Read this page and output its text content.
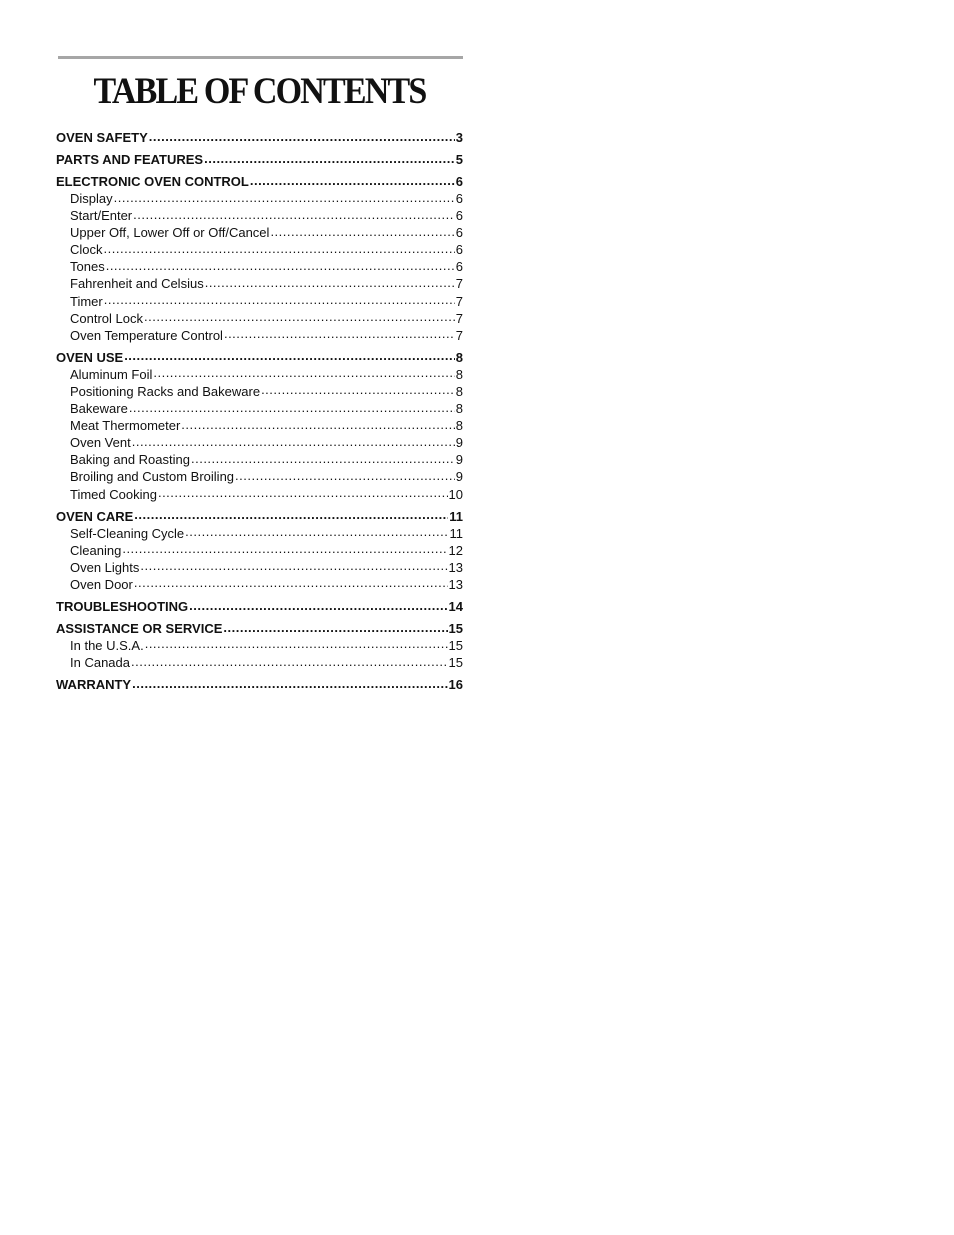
TABLE OF CONTENTS
OVEN SAFETY .....	3
PARTS AND FEATURES .....	5
ELECTRONIC OVEN CONTROL .....	6
Display .....	6
Start/Enter .....	6
Upper Off, Lower Off or Off/Cancel .....	6
Clock .....	6
Tones .....	6
Fahrenheit and Celsius .....	7
Timer .....	7
Control Lock .....	7
Oven Temperature Control .....	7
OVEN USE .....	8
Aluminum Foil .....	8
Positioning Racks and Bakeware .....	8
Bakeware .....	8
Meat Thermometer .....	8
Oven Vent .....	9
Baking and Roasting .....	9
Broiling and Custom Broiling .....	9
Timed Cooking .....	10
OVEN CARE .....	11
Self-Cleaning Cycle .....	11
Cleaning .....	12
Oven Lights .....	13
Oven Door .....	13
TROUBLESHOOTING .....	14
ASSISTANCE OR SERVICE .....	15
In the U.S.A. .....	15
In Canada .....	15
WARRANTY .....	16
